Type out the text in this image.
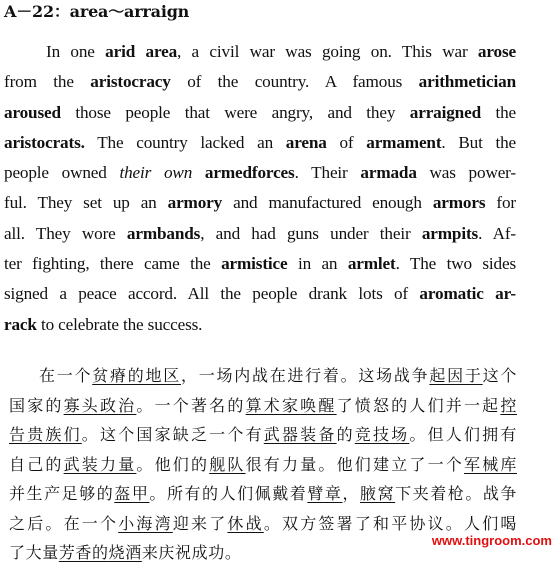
A－22：area～arraign
In one arid area, a civil war was going on. This war arose
from the aristocracy of the country. A famous arithmetician
aroused those people that were angry, and they arraigned the
aristocrats. The country lacked an arena of armament. But the
people owned their own armedforces. Their armada was power-
ful. They set up an armory and manufactured enough armors for
all. They wore armbands, and had guns under their armpits. Af-
ter fighting, there came the armistice in an armlet. The two sides
signed a peace accord. All the people drank lots of aromatic ar-
rack to celebrate the success.
在一个贫瘠的地区，一场内战在进行着。这场战争起因于这个
国家的寡头政治。一个著名的算术家唤醒了愤怒的人们并一起控
告贵族们。这个国家缺乏一个有武器装备的竞技场。但人们拥有
自己的武装力量。他们的舰队很有力量。他们建立了一个军械库
并生产足够的盔甲。所有的人们佩戴着臂章，腋窝下夹着枪。战争
之后。在一个小海湾迎来了休战。双方签署了和平协议。人们喝
了大量芳香的烧酒来庆祝成功。
www.tingroom.com
